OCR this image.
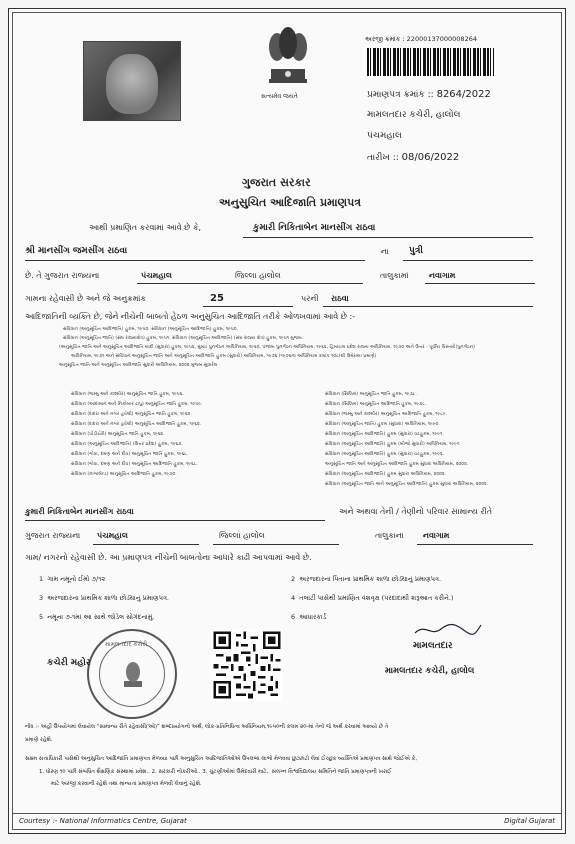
સત્યમેવ જયતે
અરજી ક્રમાંક : 22000137000008264
પ્રમાણપત્ર ક્રમાંક :: 8264/2022
મામલતદાર કચેરી, હાલોલ
પંચમહાલ
તારીખ :: 08/06/2022
ગુજરાત સરકાર
અનુસુચિત આદિજાતિ પ્રમાણપત્ર
આથી પ્રમાણિત કરવામાં આવે છે કે,	કુમારી નિકિતાબેન માનસીંગ રાઠવા
શ્રી માનસીંગ જમસીંગ રાઠવા	ના પુત્રી
છે. તે ગુજરાત રાજ્યના	પંચમહાલ	જિલ્લા હાલોલ	તાલુકામાં	નવાગામ
ગામના રહેવાસી છે અને જે અનુક્રમાંક	25	પરની રાઠવા
આદિજાતિની વ્યક્તિ છે, જેને નીચેની બાબતો હેઠળ અનુસુચિત આદિજાતિ તરીકે ઓળખવામાં આવે છે :-
સંવિધાન (અનુસૂચિત આદિજાતિ) હુકમ, ૧૯૫૦. સંવિધાન (અનુસૂચિત આદિજાતિ) હુકમ, ૧૯૫૦.
સંવિધાન (અનુસૂચિત જાતિ) (સંઘ રાજ્યક્ષેત્ર) હુકમ, ૧૯૫૧. સંવિધાન (અનુસૂચિત આદિજાતિ) (સંઘ રાજ્ય ક્ષેત્ર) હુકમ, ૧૯૫૧ મુજબ.
(અનુસૂચિત જાતિ અને અનુસૂચિત આદિજાતિ યાદી (સુધારા) હુકમ, ૧૯૫૬, મુંબઇ પુનર્ગઠન અધિનિયમ, ૧૯૬૦, પંજાબ પુનર્ગઠન અધિનિયમ, ૧૯૬૬, હિમાચલ પ્રદેશ રાજ્ય અધિનિયમ, ૧૯૭૦ અને ઉત્તર - પૂર્વીય વિસ્તારો(પુનર્ગઠન)
અધિનિયમ, ૧૯૭૧ અને સંવિધાન અનુસૂચિત જાતિ અને અનુસૂચિત આદિજાતિ હુકમ (સુધારો) અધિનિયમ, ૧૯૭૬ (૧૯૭૬નાં અધિનિયમ ક્રમાંક ૧૦૮)થી ઉમેરાયા પ્રમાણે)
અનુસૂચિત જાતિ અને અનુસૂચિત આદિજાતિ સુધારો અધિનિયમ, ૨૦૦૨ મુજબ સુધારેલ
સંવિધાન (જમ્મુ અને કાશ્મીર) અનુસૂચિત જાતિ હુકમ, ૧૯૫૬.
સંવિધાન (આંદામાન અને નિકોબાર ટાપુ) અનુસૂચિત જાતિ હુકમ, ૧૯૫૯.
સંવિધાન (દાદરા અને નગર હવેલી) અનુસૂચિત જાતિ હુકમ, ૧૯૬૨.
સંવિધાન (દાદરા અને નગર હવેલી) અનુસૂચિત આદિજાતિ હુકમ, ૧૯૬૨.
સંવિધાન (પોંડીચેરી) અનુસૂચિત જાતિ હુકમ, ૧૯૬૪.
સંવિધાન (અનુસૂચિત આદિજાતિ) (ઉત્તર પ્રદેશ) હુકમ, ૧૯૬૭.
સંવિધાન (ગોવા, દમણ અને દીવ) અનુસૂચિત જાતિ હુકમ, ૧૯૬૮.
સંવિધાન (ગોવા, દમણ અને દીવ) અનુસૂચિત આદિજાતિ હુકમ, ૧૯૬૮.
સંવિધાન (નાગાલેન્ડ) અનુસૂચિત આદિજાતિ હુકમ, ૧૯૭૦.
સંવિધાન (સિક્કિમ) અનુસૂચિત જાતિ હુકમ, ૧૯૭૮.
સંવિધાન (સિક્કિમ) અનુસૂચિત આદિજાતિ હુકમ, ૧૯૭૮.
સંવિધાન (જમ્મુ અને કાશ્મીર) અનુસૂચિત આદિજાતિ હુકમ, ૧૯૮૯.
સંવિધાન (અનુસૂચિત જાતિ) હુકમ (સુધારા) અધિનિયમ, ૧૯૯૦.
સંવિધાન (અનુસૂચિત આદિજાતિ) હુકમ (સુધારા) વટહુકમ, ૧૯૯૧.
સંવિધાન (અનુસૂચિત આદિજાતિ) હુકમ (બીજો સુધારો) અધિનિયમ, ૧૯૯૧.
સંવિધાન (અનુસૂચિત આદિજાતિ) હુકમ (સુધારા) વટહુકમ, ૧૯૯૬.
અનુસૂચિત જાતિ અને અનુસૂચિત આદિજાતિ હુકમ સુધારા અધિનિયમ, ૨૦૦૨.
સંવિધાન (અનુસૂચિત આદિજાતિ) હુકમ સુધારા અધિનિયમ, ૨૦૦૨.
સંવિધાન (અનુસૂચિત જાતિ અને અનુસૂચિત આદિજાતિ) હુકમ સુધારા અધિનિયમ, ૨૦૦૨.
કુમારી નિકિતાબેન માનસીંગ રાઠવા	અને અથવા તેની / તેણીનો પરિવાર સામાન્ય રીતે
ગુજરાત રાજ્યના પંચમહાલ	જિલ્લા હાલોલ	તાલુકાના નવાગામ
ગામ/ નગરનો રહેવાસી છે. આ પ્રમાણપત્ર નીચેની બાબતોના આધારે કાઢી આપવામાં આવે છે.
1 ગામ નમૂનો ઈમો ૭/૧૨	2 અરજદારના પિતાના પ્રાથમિક શાળા છોડ્યાનું પ્રમાણપત્ર.
3 અરજદારના પ્રાથમિક શાળા છોડ્યાનું પ્રમાણપત્ર.	4 તલાટી પાસેથી પ્રમાણિત વંશવૃક્ષ (પરદાદાથી શરૂઆત કરીને.)
5 નમૂના ૭-૧માં આ સાથે જોડેલ સોગંદનામું.	6 આધારકાર્ડ
મામલતદાર કચેરી
કચેરી મહોર
મામલતદાર
મામલતદાર કચેરી, હાલોલ
નોંધ :- અહીં ઉપયોગમાં લેવાયેલ “સામાન્ય રીતે રહેવાસી(ઓ)” શબ્દપ્રયોગનો અર્થ, લોક-પ્રતિનિધિત્વ અધિનિયમ,૧૯૫૦ની કલમ ૨૦-માં તેનો જે અર્થ કરવામાં આવ્યો છે તે
પ્રમાણે રહેશે.
સક્ષમ સત્તાધિકારી પાસેથી અનુસુચિત આદિજાતિ પ્રમાણપત્ર મેળવ્યા પછી અનુસુચિત આદિજાતિઓએ ઉપલબ્ધ લાભો મેળવવા છુટછાટો લેવા ઈચ્છુક વ્યક્તિએ પ્રમાણપત્ર સાથે જોઈએ કે,
1. ધોરણ ૧૦ પછી સંબંધિત શૈક્ષણિક સંસ્થામાં પ્રવેશ.. 2. સરકારી નોકરીઓ.. 3. ચુંટણીઓમાં ઉમેદવારી માટે.. સંલગ્ન વિશ્વવિદ્યાલય સમિતિને જાતિ પ્રમાણપત્રની ખરાઈ
માટે અરજી કરવાની રહેશે તથા માન્યતા પ્રમાણપત્ર મેળવી લેવાનું રહેશે.
Courtesy :- National Informatics Centre, Gujarat	Digital Gujarat
